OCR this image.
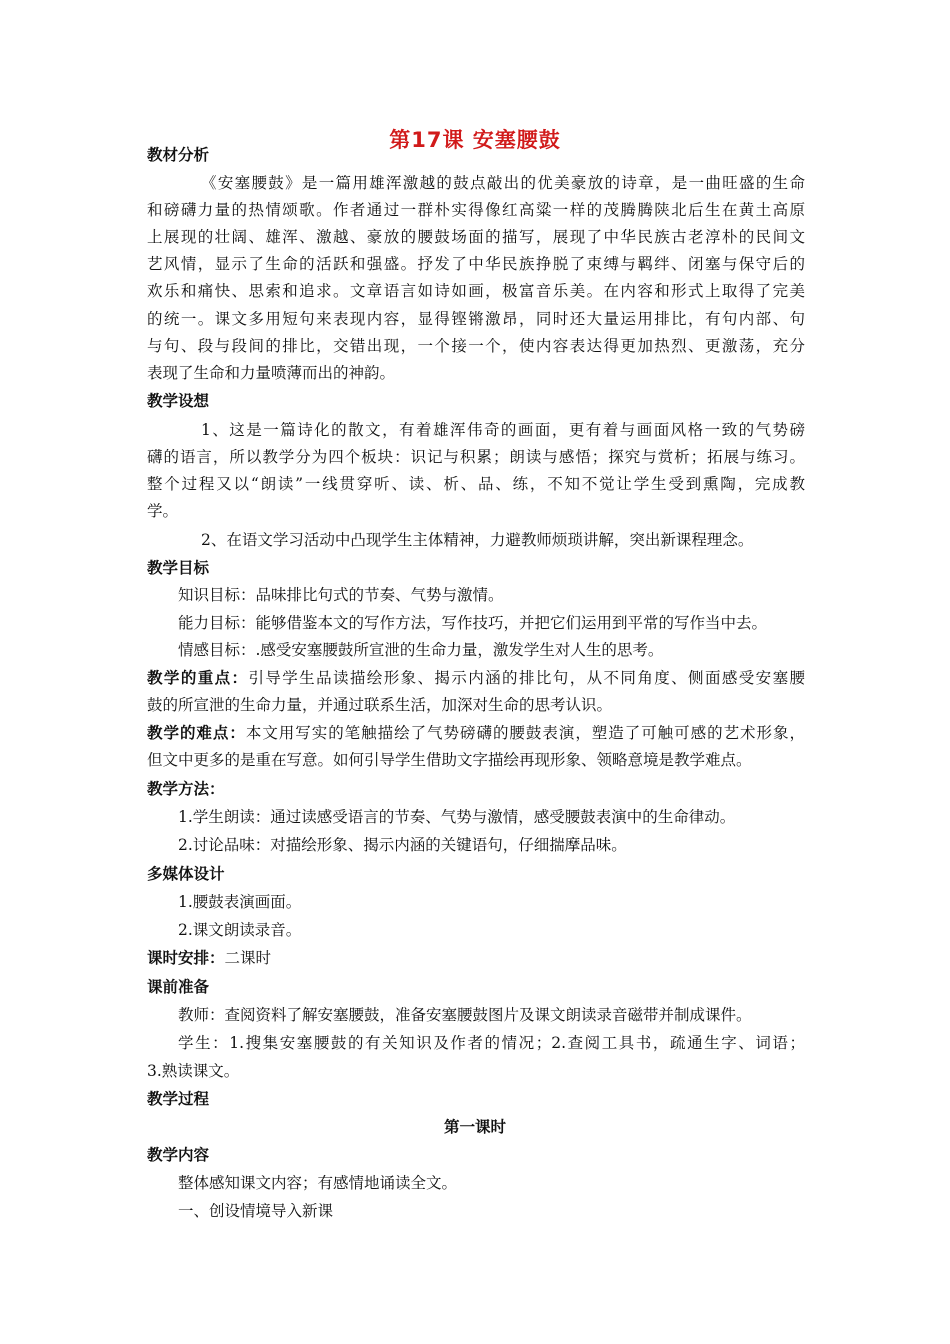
第17课 安塞腰鼓
教材分析
《安塞腰鼓》是一篇用雄浑激越的鼓点敲出的优美豪放的诗章，是一曲旺盛的生命
和磅礴力量的热情颂歌。作者通过一群朴实得像红高粱一样的茂腾腾陕北后生在黄土高原
上展现的壮阔、雄浑、激越、豪放的腰鼓场面的描写，展现了中华民族古老淳朴的民间文
艺风情，显示了生命的活跃和强盛。抒发了中华民族挣脱了束缚与羁绊、闭塞与保守后的
欢乐和痛快、思索和追求。文章语言如诗如画，极富音乐美。在内容和形式上取得了完美
的统一。课文多用短句来表现内容，显得铿锵激昂，同时还大量运用排比，有句内部、句
与句、段与段间的排比，交错出现，一个接一个，使内容表达得更加热烈、更激荡，充分
表现了生命和力量喷薄而出的神韵。
教学设想
1、这是一篇诗化的散文，有着雄浑伟奇的画面，更有着与画面风格一致的气势磅
礴的语言，所以教学分为四个板块：识记与积累；朗读与感悟；探究与赏析；拓展与练习。
整个过程又以“朗读”一线贯穿听、读、析、品、练，不知不觉让学生受到熏陶，完成教
学。
2、在语文学习活动中凸现学生主体精神，力避教师烦琐讲解，突出新课程理念。
教学目标
知识目标：品味排比句式的节奏、气势与激情。
能力目标：能够借鉴本文的写作方法，写作技巧，并把它们运用到平常的写作当中去。
情感目标：.感受安塞腰鼓所宣泄的生命力量，激发学生对人生的思考。
教学的重点：引导学生品读描绘形象、揭示内涵的排比句，从不同角度、侧面感受安塞腰
鼓的所宣泄的生命力量，并通过联系生活，加深对生命的思考认识。
教学的难点：本文用写实的笔触描绘了气势磅礴的腰鼓表演，塑造了可触可感的艺术形象，
但文中更多的是重在写意。如何引导学生借助文字描绘再现形象、领略意境是教学难点。
教学方法：
1.学生朗读：通过读感受语言的节奏、气势与激情，感受腰鼓表演中的生命律动。
2.讨论品味：对描绘形象、揭示内涵的关键语句，仔细揣摩品味。
多媒体设计
1.腰鼓表演画面。
2.课文朗读录音。
课时安排：二课时
课前准备
教师：查阅资料了解安塞腰鼓，准备安塞腰鼓图片及课文朗读录音磁带并制成课件。
学生：1.搜集安塞腰鼓的有关知识及作者的情况；2.查阅工具书，疏通生字、词语；
3.熟读课文。
教学过程
第一课时
教学内容
整体感知课文内容；有感情地诵读全文。
一、创设情境导入新课
